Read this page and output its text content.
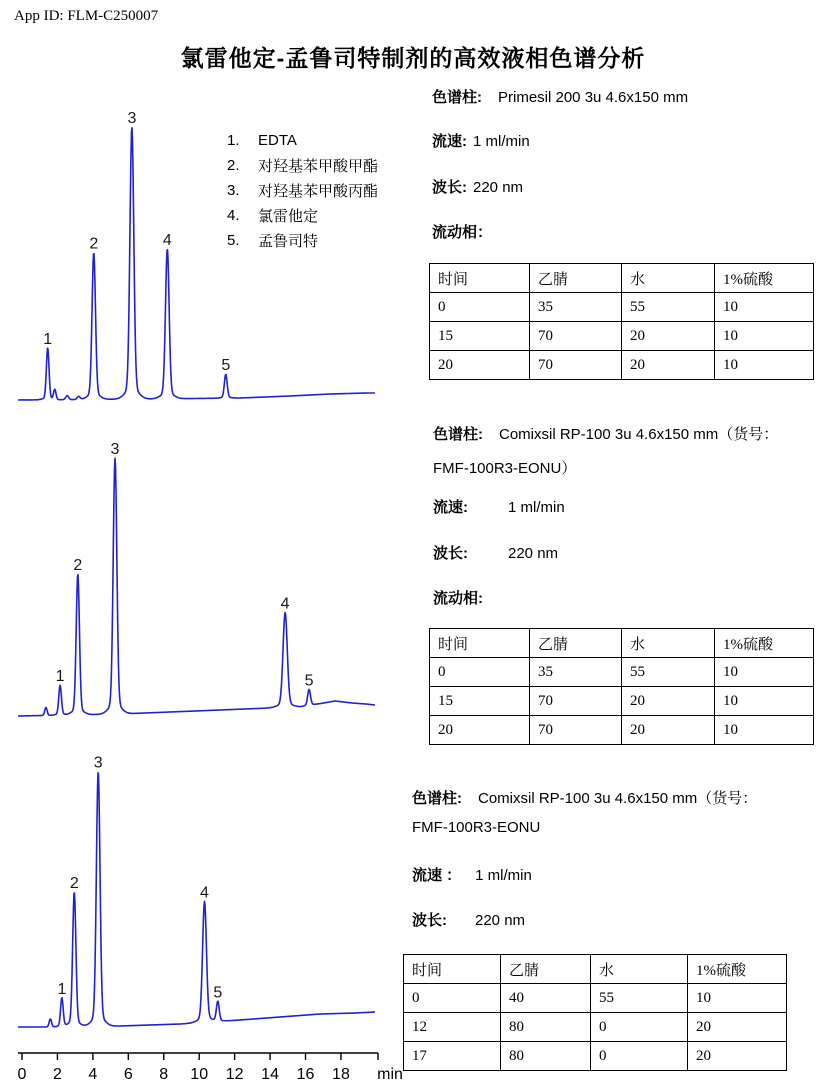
App ID: FLM-C250007
氯雷他定-孟鲁司特制剂的高效液相色谱分析
1
2
3
4
5
1
2
3
4
5
1
2
3
4
5
0 2 4 6 8 10 12 14 16 18 min
1.	EDTA
2.	对羟基苯甲酸甲酯
3.	对羟基苯甲酸丙酯
4.	氯雷他定
5.	孟鲁司特
色谱柱: Primesil 200 3u 4.6x150 mm
流速: 1 ml/min
波长: 220 nm
流动相：
时间	乙腈	水	1%硫酸
0	35	55	10
15	70	20	10
20	70	20	10
色谱柱: Comixsil RP-100 3u 4.6x150 mm（货号：
FMF-100R3-EONU）
流速:	1 ml/min
波长:	220 nm
流动相:
时间	乙腈	水	1%硫酸
0	35	55	10
15	70	20	10
20	70	20	10
色谱柱: Comixsil RP-100 3u 4.6x150 mm（货号：
FMF-100R3-EONU
流速 ： 1 ml/min
波长: 220 nm
时间	乙腈	水	1%硫酸
0	40	55	10
12	80	0	20
17	80	0	20
